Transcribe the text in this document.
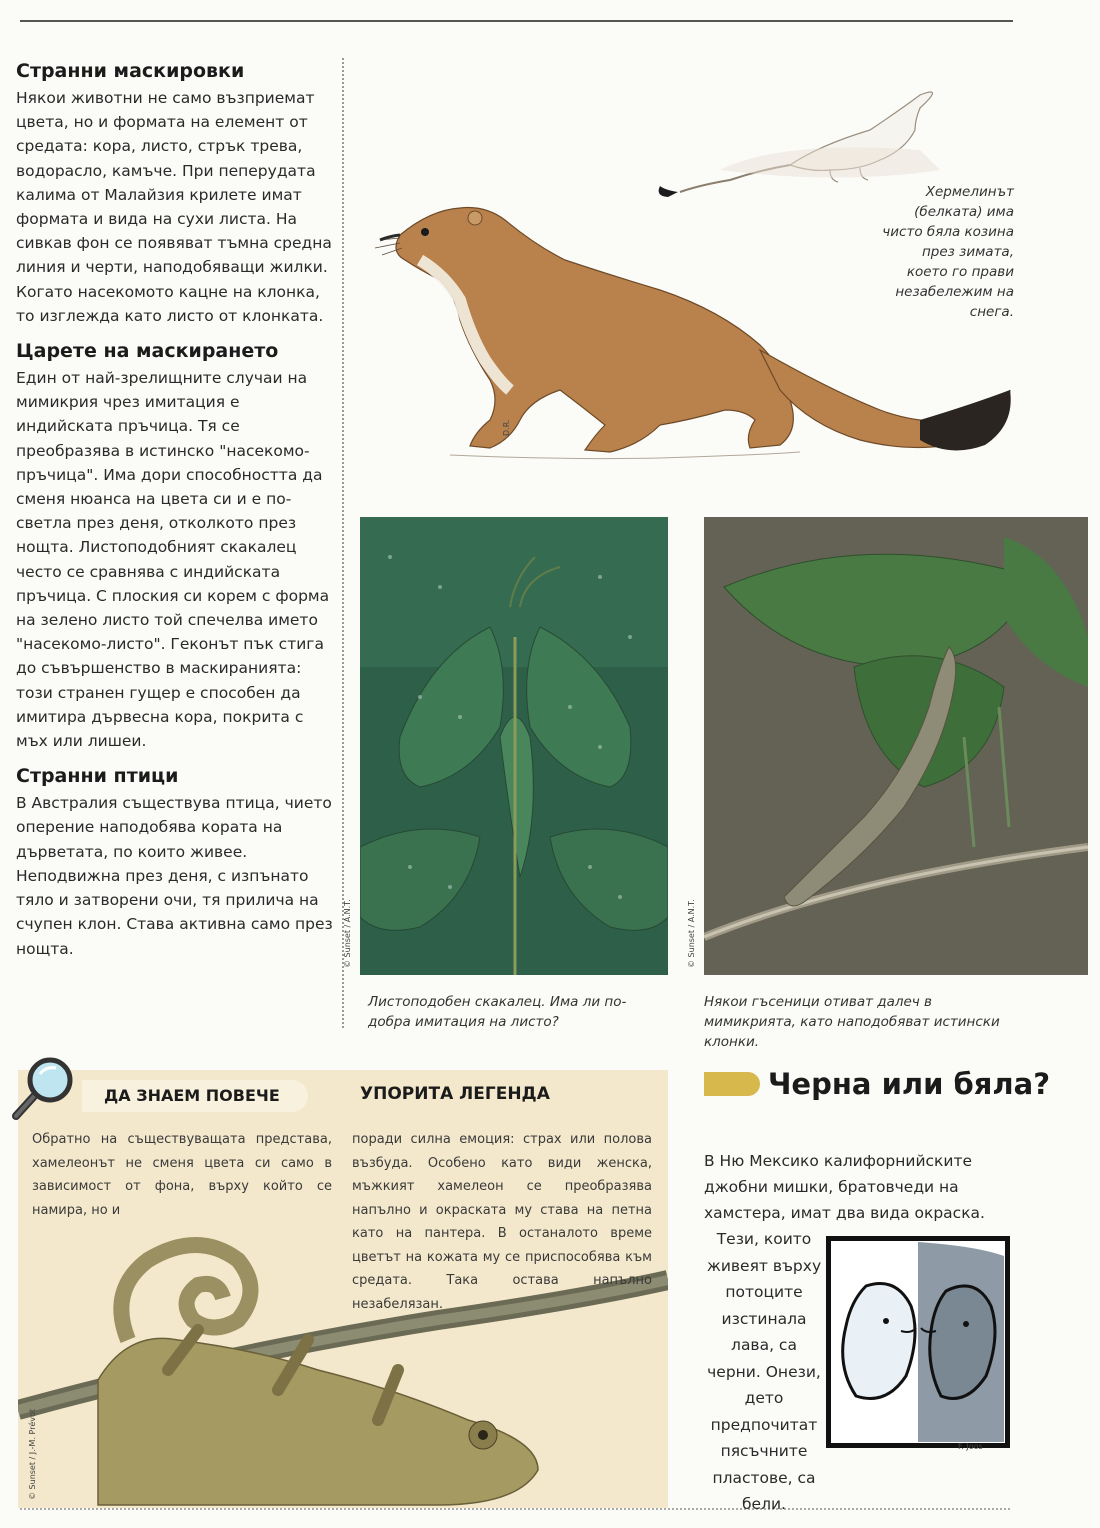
Странни маскировки

Някои животни не само възприемат цвета, но и формата на елемент от средата: кора, листо, стрък трева, водорасло, камъче. При пеперудата калима от Малайзия крилете имат формата и вида на сухи листа. На сивкав фон се появяват тъмна средна линия и черти, наподобяващи жилки. Когато насекомото кацне на клонка, то изглежда като листо от клонката.

Царете на маскирането

Един от най-зрелищните случаи на мимикрия чрез имитация е индийската пръчица. Тя се преобразява в истинско "насекомо-пръчица". Има дори способността да сменя нюанса на цвета си и е по-светла през деня, отколкото през нощта. Листоподобният скакалец често се сравнява с индийската пръчица. С плоския си корем с форма на зелено листо той спечелва името "насекомо-листо". Геконът пък стига до съвършенство в маскираниятa: този странен гущер е способен да имитира дървесна кора, покрита с мъх или лишеи.

Странни птици

В Австралия съществува птица, чието оперение наподобява кората на дърветата, по които живее. Неподвижна през деня, с изпънато тяло и затворени очи, тя прилича на счупен клон. Става активна само през нощта.

Хермелинът (белката) има чисто бяла козина през зимата, което го прави незабележим на снега.
D.R.
© Sunset / A.N.T.
Листоподобен скакалец. Има ли по-добра имитация на листо?
© Sunset / A.N.T.
Някои гъсеници отиват далеч в мимикрията, като наподобяват истински клонки.
ДА ЗНАЕМ ПОВЕЧЕ	УПОРИТА ЛЕГЕНДА
Обратно на съществуващата представа, хамелеонът не сменя цвета си само в зависимост от фона, върху който се намира, но и
поради силна емоция: страх или полова възбуда. Особено като види женска, мъжкият хамелеон се преобразява напълно и окраската му става на петна като на пантера. В останалото време цветът на кожата му се приспособява към средата. Така остава напълно незабелязан.
© Sunset / J.-M. Prévot
Черна или бяла?
В Ню Мексико калифорнийските джобни мишки, братовчеди на хамстера, имат два вида окраска.
Тези, които живеят върху потоците изстинала лава, са черни. Онези, дето предпочитат пясъчните пластове, са бели.
F. Joos
